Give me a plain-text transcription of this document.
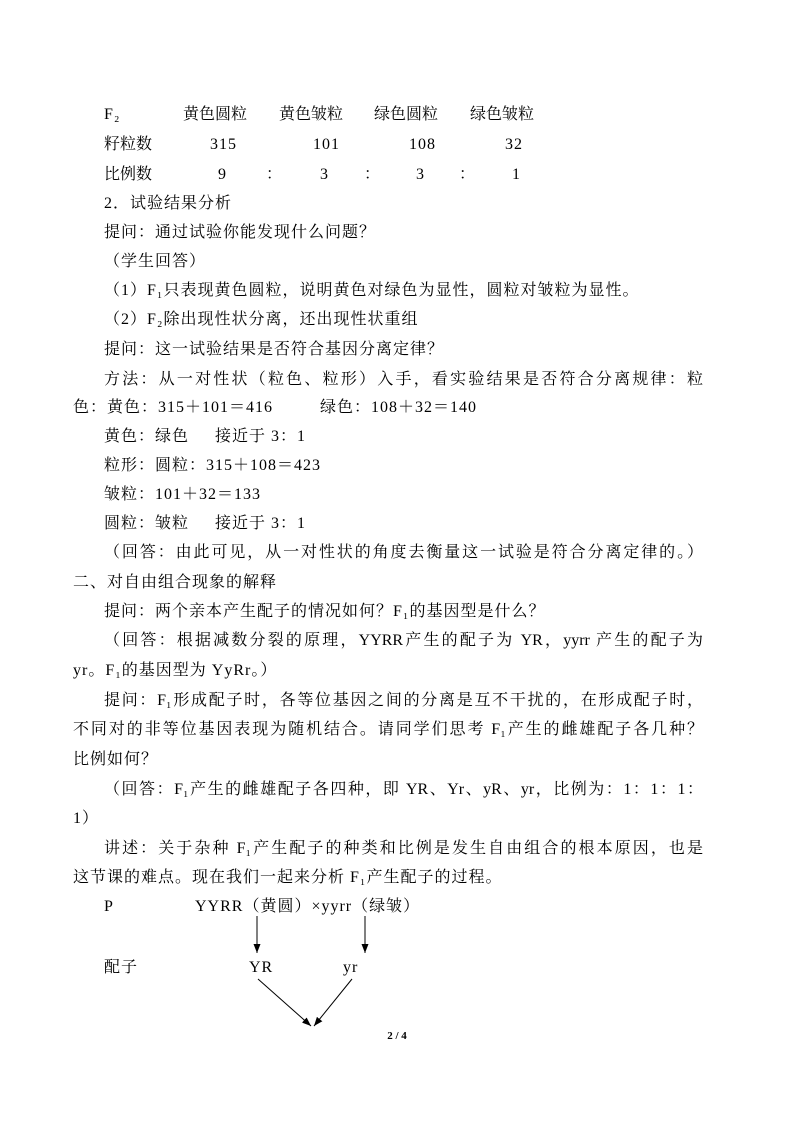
F₂	黄色圆粒 黄色皱粒 绿色圆粒 绿色皱粒
籽粒数	315	101	108	32
比例数	9 ： 3 ： 3 ： 1
2．试验结果分析
提问：通过试验你能发现什么问题？
（学生回答）
（1）F₁只表现黄色圆粒，说明黄色对绿色为显性，圆粒对皱粒为显性。
（2）F₂除出现性状分离，还出现性状重组
提问：这一试验结果是否符合基因分离定律？
方法：从一对性状（粒色、粒形）入手，看实验结果是否符合分离规律：粒
色：黄色：315＋101＝416	绿色：108＋32＝140
黄色：绿色 接近于 3：1
粒形：圆粒：315＋108＝423
皱粒：101＋32＝133
圆粒：皱粒 接近于 3：1
（回答：由此可见，从一对性状的角度去衡量这一试验是符合分离定律的。）
二、对自由组合现象的解释
提问：两个亲本产生配子的情况如何？F₁的基因型是什么？
（回答：根据减数分裂的原理，YYRR产生的配子为 YR，yyrr 产生的配子为
yr。F₁的基因型为 YyRr。）
提问：F₁形成配子时，各等位基因之间的分离是互不干扰的，在形成配子时，
不同对的非等位基因表现为随机结合。请同学们思考 F₁产生的雌雄配子各几种？
比例如何？
（回答：F₁产生的雌雄配子各四种，即 YR、Yr、yR、yr，比例为：1：1：1：
1）
讲述：关于杂种 F₁产生配子的种类和比例是发生自由组合的根本原因，也是
这节课的难点。现在我们一起来分析 F₁产生配子的过程。
P	YYRR（黄圆）×yyrr（绿皱）
配子	YR	yr
2 / 4
